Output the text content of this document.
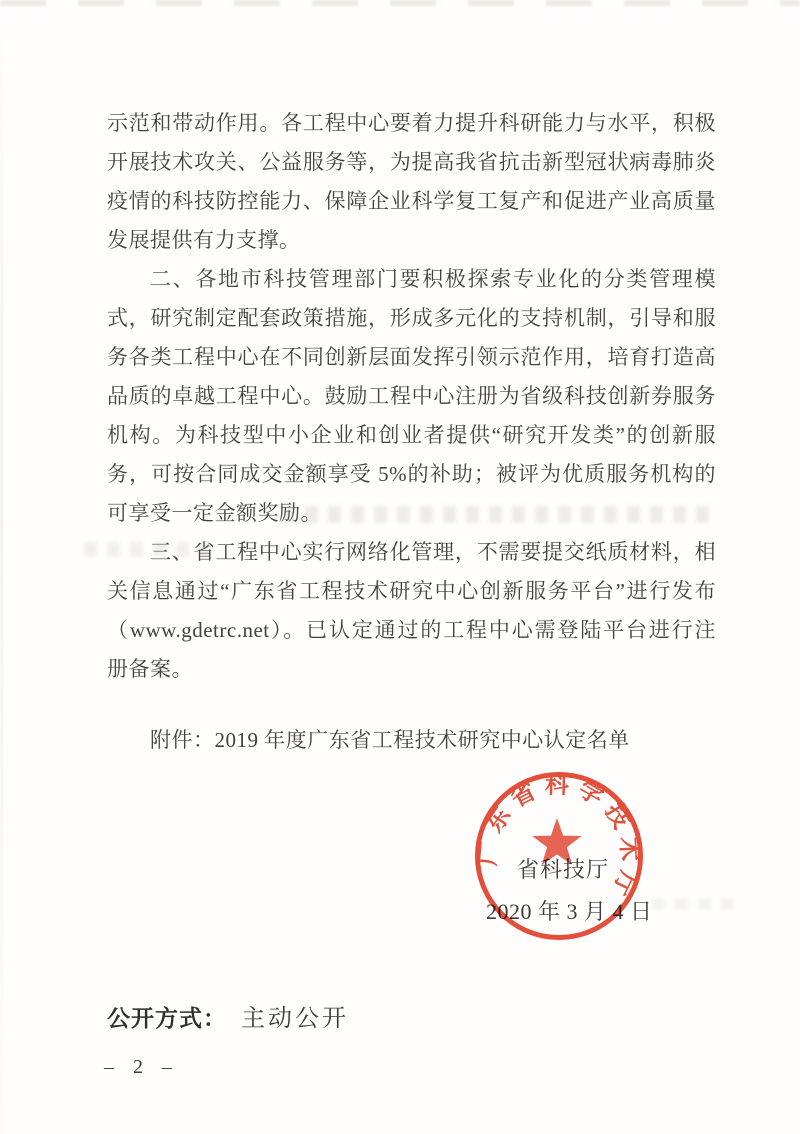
示范和带动作用。各工程中心要着力提升科研能力与水平，积极
开展技术攻关、公益服务等，为提高我省抗击新型冠状病毒肺炎
疫情的科技防控能力、保障企业科学复工复产和促进产业高质量
发展提供有力支撑。
二、各地市科技管理部门要积极探索专业化的分类管理模
式，研究制定配套政策措施，形成多元化的支持机制，引导和服
务各类工程中心在不同创新层面发挥引领示范作用，培育打造高
品质的卓越工程中心。鼓励工程中心注册为省级科技创新券服务
机构。为科技型中小企业和创业者提供“研究开发类”的创新服
务，可按合同成交金额享受 5%的补助；被评为优质服务机构的
可享受一定金额奖励。
三、省工程中心实行网络化管理，不需要提交纸质材料，相
关信息通过“广东省工程技术研究中心创新服务平台”进行发布
（www.gdetrc.net）。已认定通过的工程中心需登陆平台进行注
册备案。
附件：2019 年度广东省工程技术研究中心认定名单
省科技厅
2020 年 3 月 4 日
广东省科学技术厅
公开方式： 主动公开
– 2 –
